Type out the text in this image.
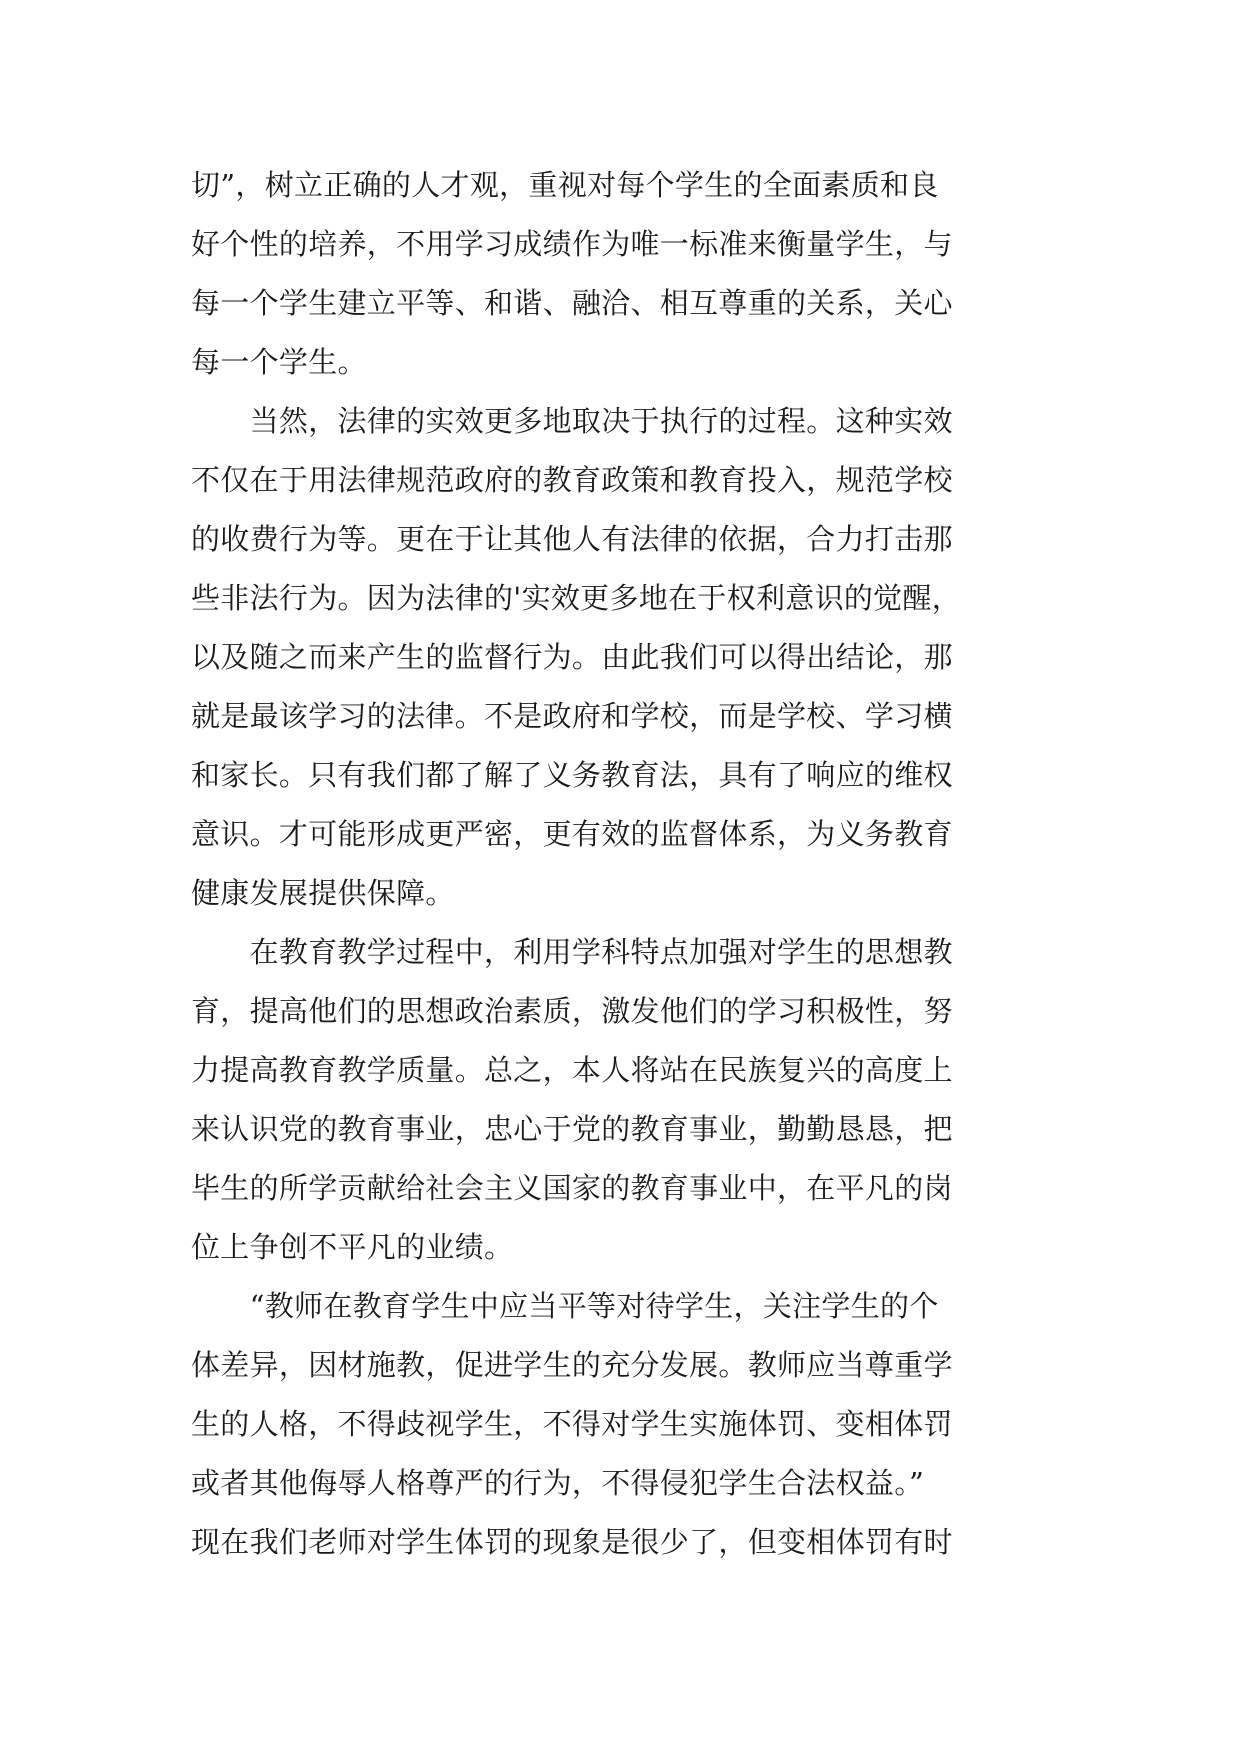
切”，树立正确的人才观，重视对每个学生的全面素质和良
好个性的培养，不用学习成绩作为唯一标准来衡量学生，与
每一个学生建立平等、和谐、融洽、相互尊重的关系，关心
每一个学生。
　　当然，法律的实效更多地取决于执行的过程。这种实效
不仅在于用法律规范政府的教育政策和教育投入，规范学校
的收费行为等。更在于让其他人有法律的依据，合力打击那
些非法行为。因为法律的'实效更多地在于权利意识的觉醒，
以及随之而来产生的监督行为。由此我们可以得出结论，那
就是最该学习的法律。不是政府和学校，而是学校、学习横
和家长。只有我们都了解了义务教育法，具有了响应的维权
意识。才可能形成更严密，更有效的监督体系，为义务教育
健康发展提供保障。
　　在教育教学过程中，利用学科特点加强对学生的思想教
育，提高他们的思想政治素质，激发他们的学习积极性，努
力提高教育教学质量。总之，本人将站在民族复兴的高度上
来认识党的教育事业，忠心于党的教育事业，勤勤恳恳，把
毕生的所学贡献给社会主义国家的教育事业中，在平凡的岗
位上争创不平凡的业绩。
　　“教师在教育学生中应当平等对待学生，关注学生的个
体差异，因材施教，促进学生的充分发展。教师应当尊重学
生的人格，不得歧视学生，不得对学生实施体罚、变相体罚
或者其他侮辱人格尊严的行为，不得侵犯学生合法权益。”
现在我们老师对学生体罚的现象是很少了，但变相体罚有时
